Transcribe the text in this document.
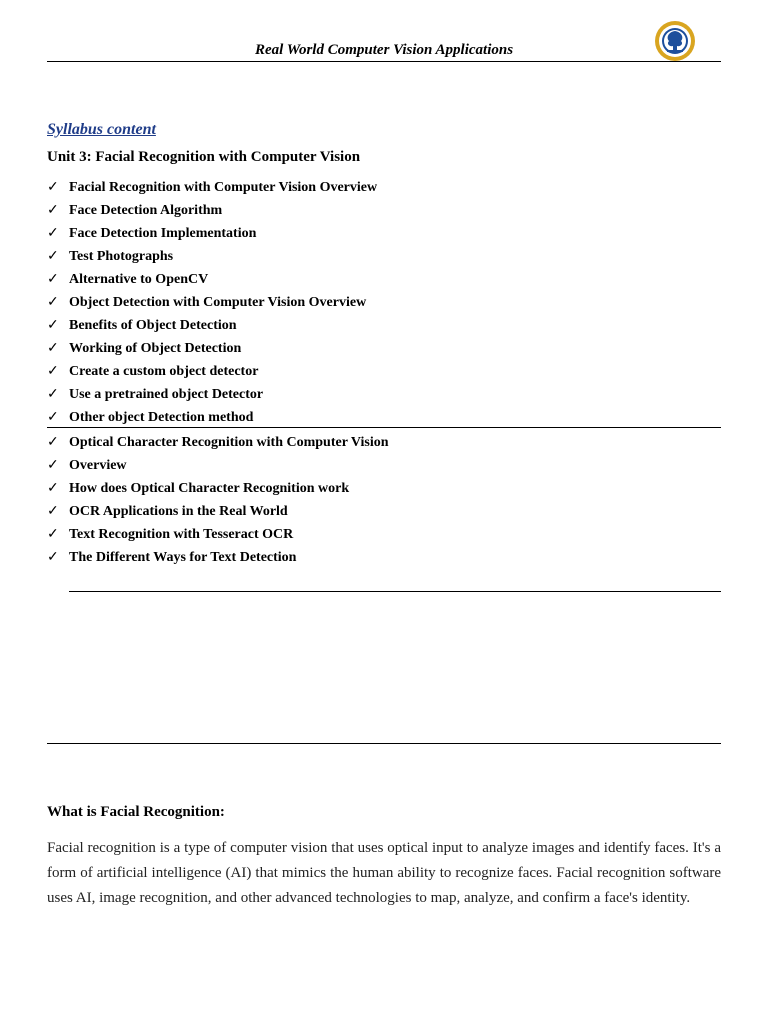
Real World Computer Vision Applications
Syllabus content
Unit 3: Facial Recognition with Computer Vision
✓ Facial Recognition with Computer Vision Overview
✓ Face Detection Algorithm
✓ Face Detection Implementation
✓ Test Photographs
✓ Alternative to OpenCV
✓ Object Detection with Computer Vision Overview
✓ Benefits of Object Detection
✓ Working of Object Detection
✓ Create a custom object detector
✓ Use a pretrained object Detector
✓ Other object Detection method
✓ Optical Character Recognition with Computer Vision
✓ Overview
✓ How does Optical Character Recognition work
✓ OCR Applications in the Real World
✓ Text Recognition with Tesseract OCR
✓ The Different Ways for Text Detection
What is Facial Recognition:

Facial recognition is a type of computer vision that uses optical input to analyze images and identify faces. It's a form of artificial intelligence (AI) that mimics the human ability to recognize faces. Facial recognition software uses AI, image recognition, and other advanced technologies to map, analyze, and confirm a face's identity.
